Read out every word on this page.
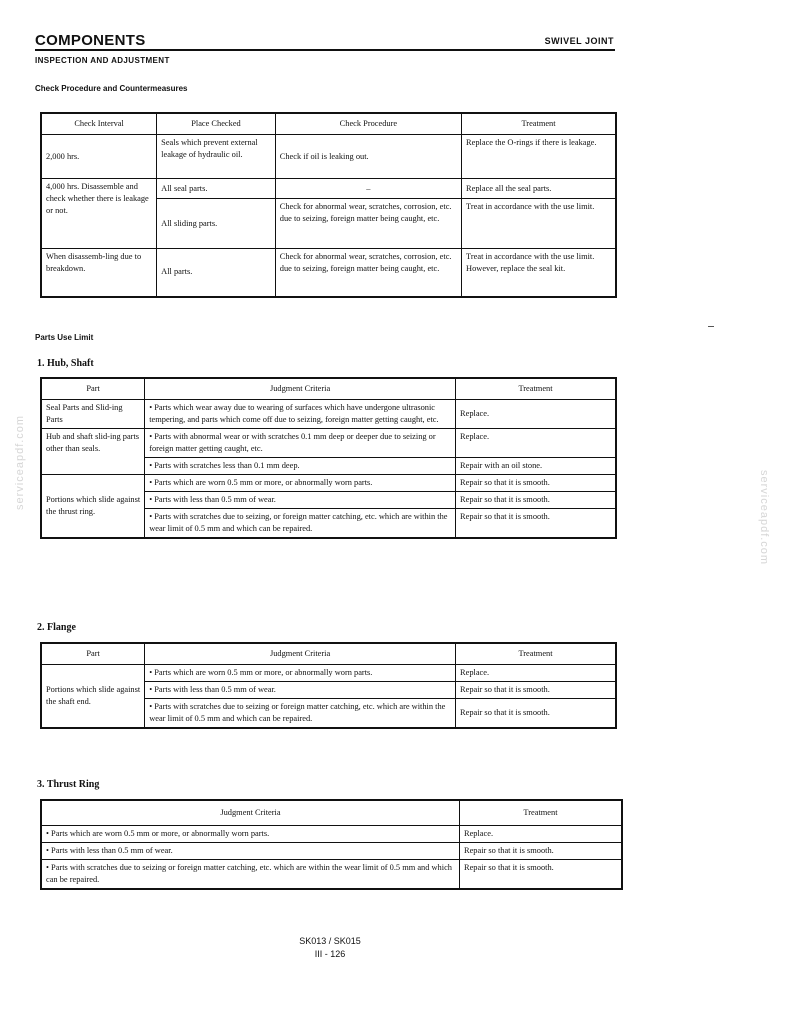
COMPONENTS	SWIVEL JOINT
INSPECTION AND ADJUSTMENT
Check Procedure and Countermeasures
Check Interval	Place Checked	Check Procedure	Treatment
2,000 hrs.	Seals which prevent external leakage of hydraulic oil.	Check if oil is leaking out.	Replace the O-rings if there is leakage.
4,000 hrs. Disassemble and check whether there is leakage or not.	All seal parts.	–	Replace all the seal parts.
	All sliding parts.	Check for abnormal wear, scratches, corrosion, etc. due to seizing, foreign matter being caught, etc.	Treat in accordance with the use limit.
When disassemb-ling due to breakdown.	All parts.	Check for abnormal wear, scratches, corrosion, etc. due to seizing, foreign matter being caught, etc.	Treat in accordance with the use limit. However, replace the seal kit.
Parts Use Limit
1. Hub, Shaft
Part	Judgment Criteria	Treatment
Seal Parts and Slid-ing Parts	• Parts which wear away due to wearing of surfaces which have undergone ultrasonic tempering, and parts which come off due to seizing, foreign matter getting caught, etc.	Replace.
Hub and shaft slid-ing parts other than seals.	• Parts with abnormal wear or with scratches 0.1 mm deep or deeper due to seizing or foreign matter getting caught, etc.	Replace.
	• Parts with scratches less than 0.1 mm deep.	Repair with an oil stone.
Portions which slide against the thrust ring.	• Parts which are worn 0.5 mm or more, or abnormally worn parts.	Repair so that it is smooth.
	• Parts with less than 0.5 mm of wear.	Repair so that it is smooth.
	• Parts with scratches due to seizing, or foreign matter catching, etc. which are within the wear limit of 0.5 mm and which can be repaired.	Repair so that it is smooth.
2. Flange
Part	Judgment Criteria	Treatment
Portions which slide against the shaft end.	• Parts which are worn 0.5 mm or more, or abnormally worn parts.	Replace.
	• Parts with less than 0.5 mm of wear.	Repair so that it is smooth.
	• Parts with scratches due to seizing or foreign matter catching, etc. which are within the wear limit of 0.5 mm and which can be repaired.	Repair so that it is smooth.
3. Thrust Ring
Judgment Criteria	Treatment
• Parts which are worn 0.5 mm or more, or abnormally worn parts.	Replace.
• Parts with less than 0.5 mm of wear.	Repair so that it is smooth.
• Parts with scratches due to seizing or foreign matter catching, etc. which are within the wear limit of 0.5 mm and which can be repaired.	Repair so that it is smooth.
serviceapdf.com
serviceapdf.com
SK013 / SK015
III - 126
